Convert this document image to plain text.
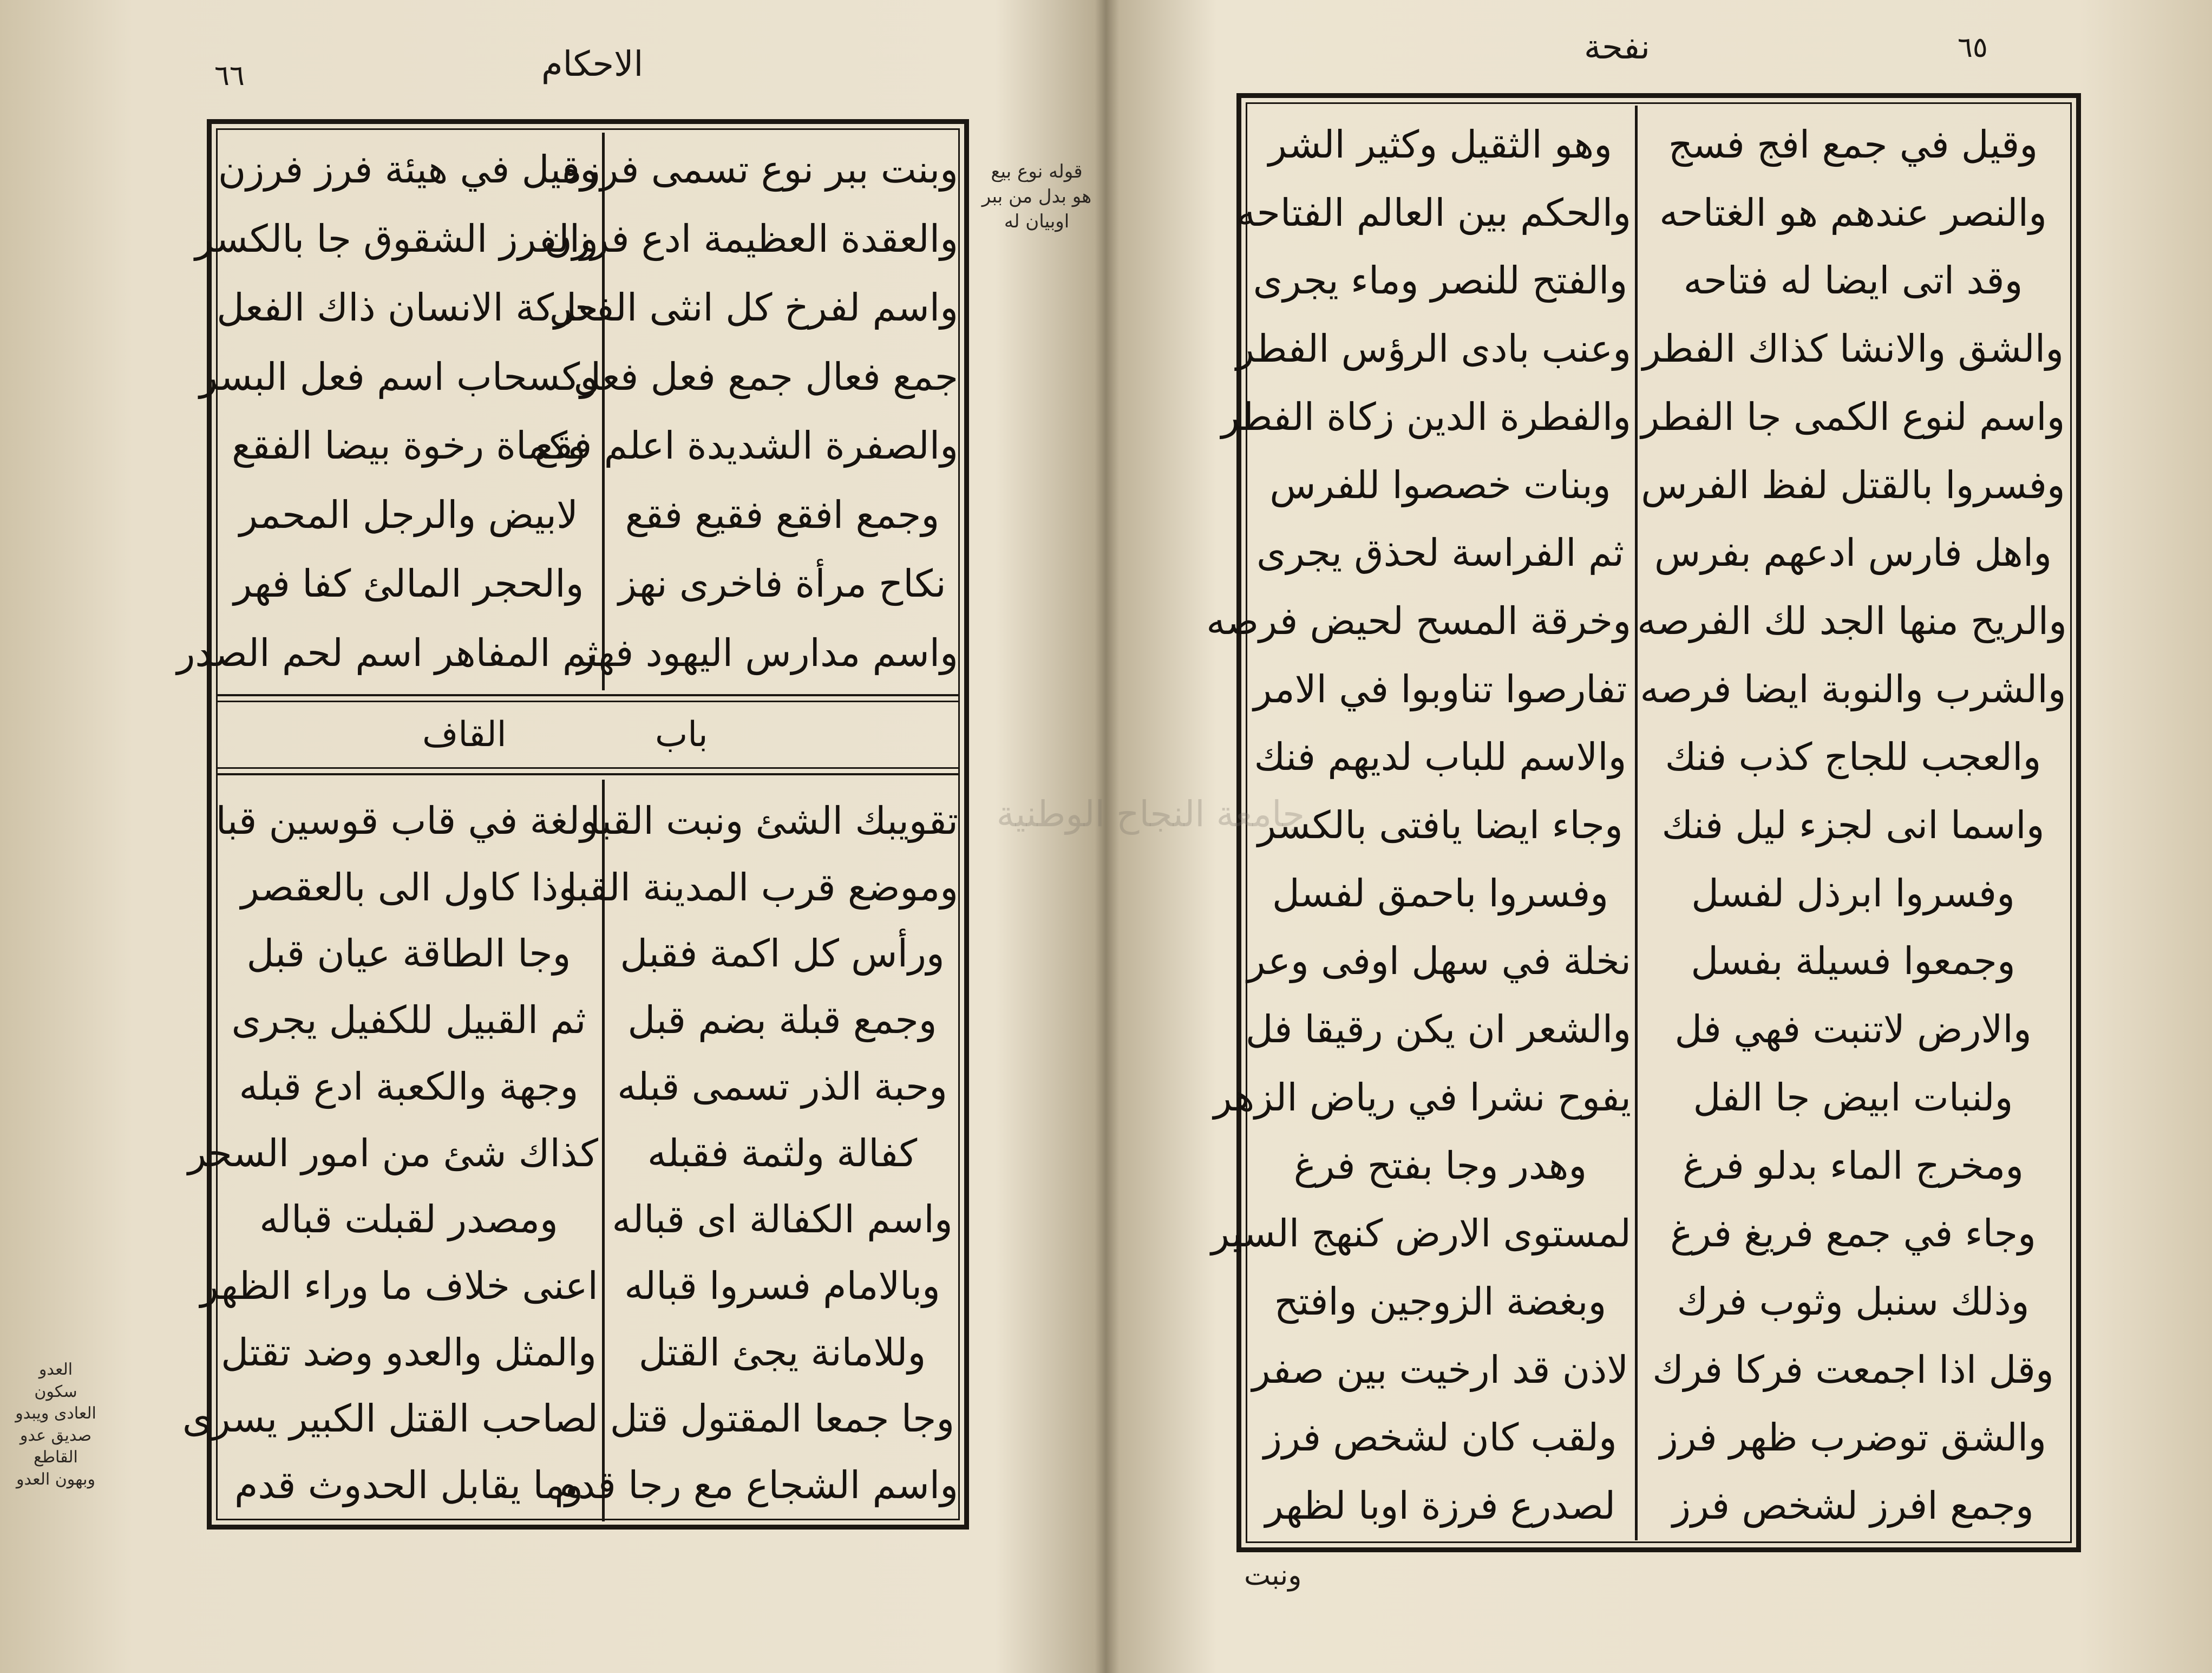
٦٦	الاحكام
قوله نوع بيع هو بدل من ببر اوبيان له
العدو سكون العادى ويبدو صديق عدو القاطع وبهون العدو
وبنت ببر نوع تسمى فرزه
والعقدة العظيمة ادع فرزن
واسم لفرخ كل انثى الفعل
جمع فعال جمع فعل فعل
والصفرة الشديدة اعلم فقع
وجمع افقع فقيع فقع
نكاح مرأة فاخرى نهز
واسم مدارس اليهود فهر
وقيل في هيئة فرز فرزن
والفرز الشقوق جا بالكسر
حركة الانسان ذاك الفعل
وكسحاب اسم فعل البسر
وكماة رخوة بيضا الفقع
لابيض والرجل المحمر
والحجر المالئ كفا فهر
ثم المفاهر اسم لحم الصدر
باب
القاف
تقويبك الشئ ونبت القبا
وموضع قرب المدينة القبا
ورأس كل اكمة فقبل
وجمع قبلة بضم قبل
وحبة الذر تسمى قبله
كفالة ولثمة فقبله
واسم الكفالة اى قباله
وبالامام فسروا قباله
وللامانة يجئ القتل
وجا جمعا المقتول قتل
واسم الشجاع مع رجا قدم
ولغة في قاب قوسين قبا
وذا كاول الى بالعقصر
وجا الطاقة عيان قبل
ثم القبيل للكفيل يجرى
وجهة والكعبة ادع قبله
كذاك شئ من امور السحر
ومصدر لقبلت قباله
اعنى خلاف ما وراء الظهر
والمثل والعدو وضد تقتل
لصاحب القتل الكبير يسرى
وما يقابل الحدوث قدم
٦٥
نفحة
وقيل في جمع افج فسج
والنصر عندهم هو الغتاحه
وقد اتى ايضا له فتاحه
والشق والانشا كذاك الفطر
واسم لنوع الكمى جا الفطر
وفسروا بالقتل لفظ الفرس
واهل فارس ادعهم بفرس
والريح منها الجد لك الفرصه
والشرب والنوبة ايضا فرصه
والعجب للجاج كذب فنك
واسما انى لجزء ليل فنك
وفسروا ابرذل لفسل
وجمعوا فسيلة بفسل
والارض لاتنبت فهي فل
ولنبات ابيض جا الفل
ومخرج الماء بدلو فرغ
وجاء في جمع فريغ فرغ
وذلك سنبل وثوب فرك
وقل اذا اجمعت فركا فرك
والشق توضرب ظهر فرز
وجمع افرز لشخص فرز
وهو الثقيل وكثير الشر
والحكم بين العالم الفتاحه
والفتح للنصر وماء يجرى
وعنب بادى الرؤس الفطر
والفطرة الدين زكاة الفطر
وبنات خصصوا للفرس
ثم الفراسة لحذق يجرى
وخرقة المسح لحيض فرصه
تفارصوا تناوبوا في الامر
والاسم للباب لديهم فنك
وجاء ايضا يافتى بالكسر
وفسروا باحمق لفسل
نخلة في سهل اوفى وعر
والشعر ان يكن رقيقا فل
يفوح نشرا في رياض الزهر
وهدر وجا بفتح فرغ
لمستوى الارض كنهج السير
وبغضة الزوجين وافتح
لاذن قد ارخيت بين صفر
ولقب كان لشخص فرز
لصدرع فرزة اوبا لظهر
ونبت
جامعة النجاح الوطنية
